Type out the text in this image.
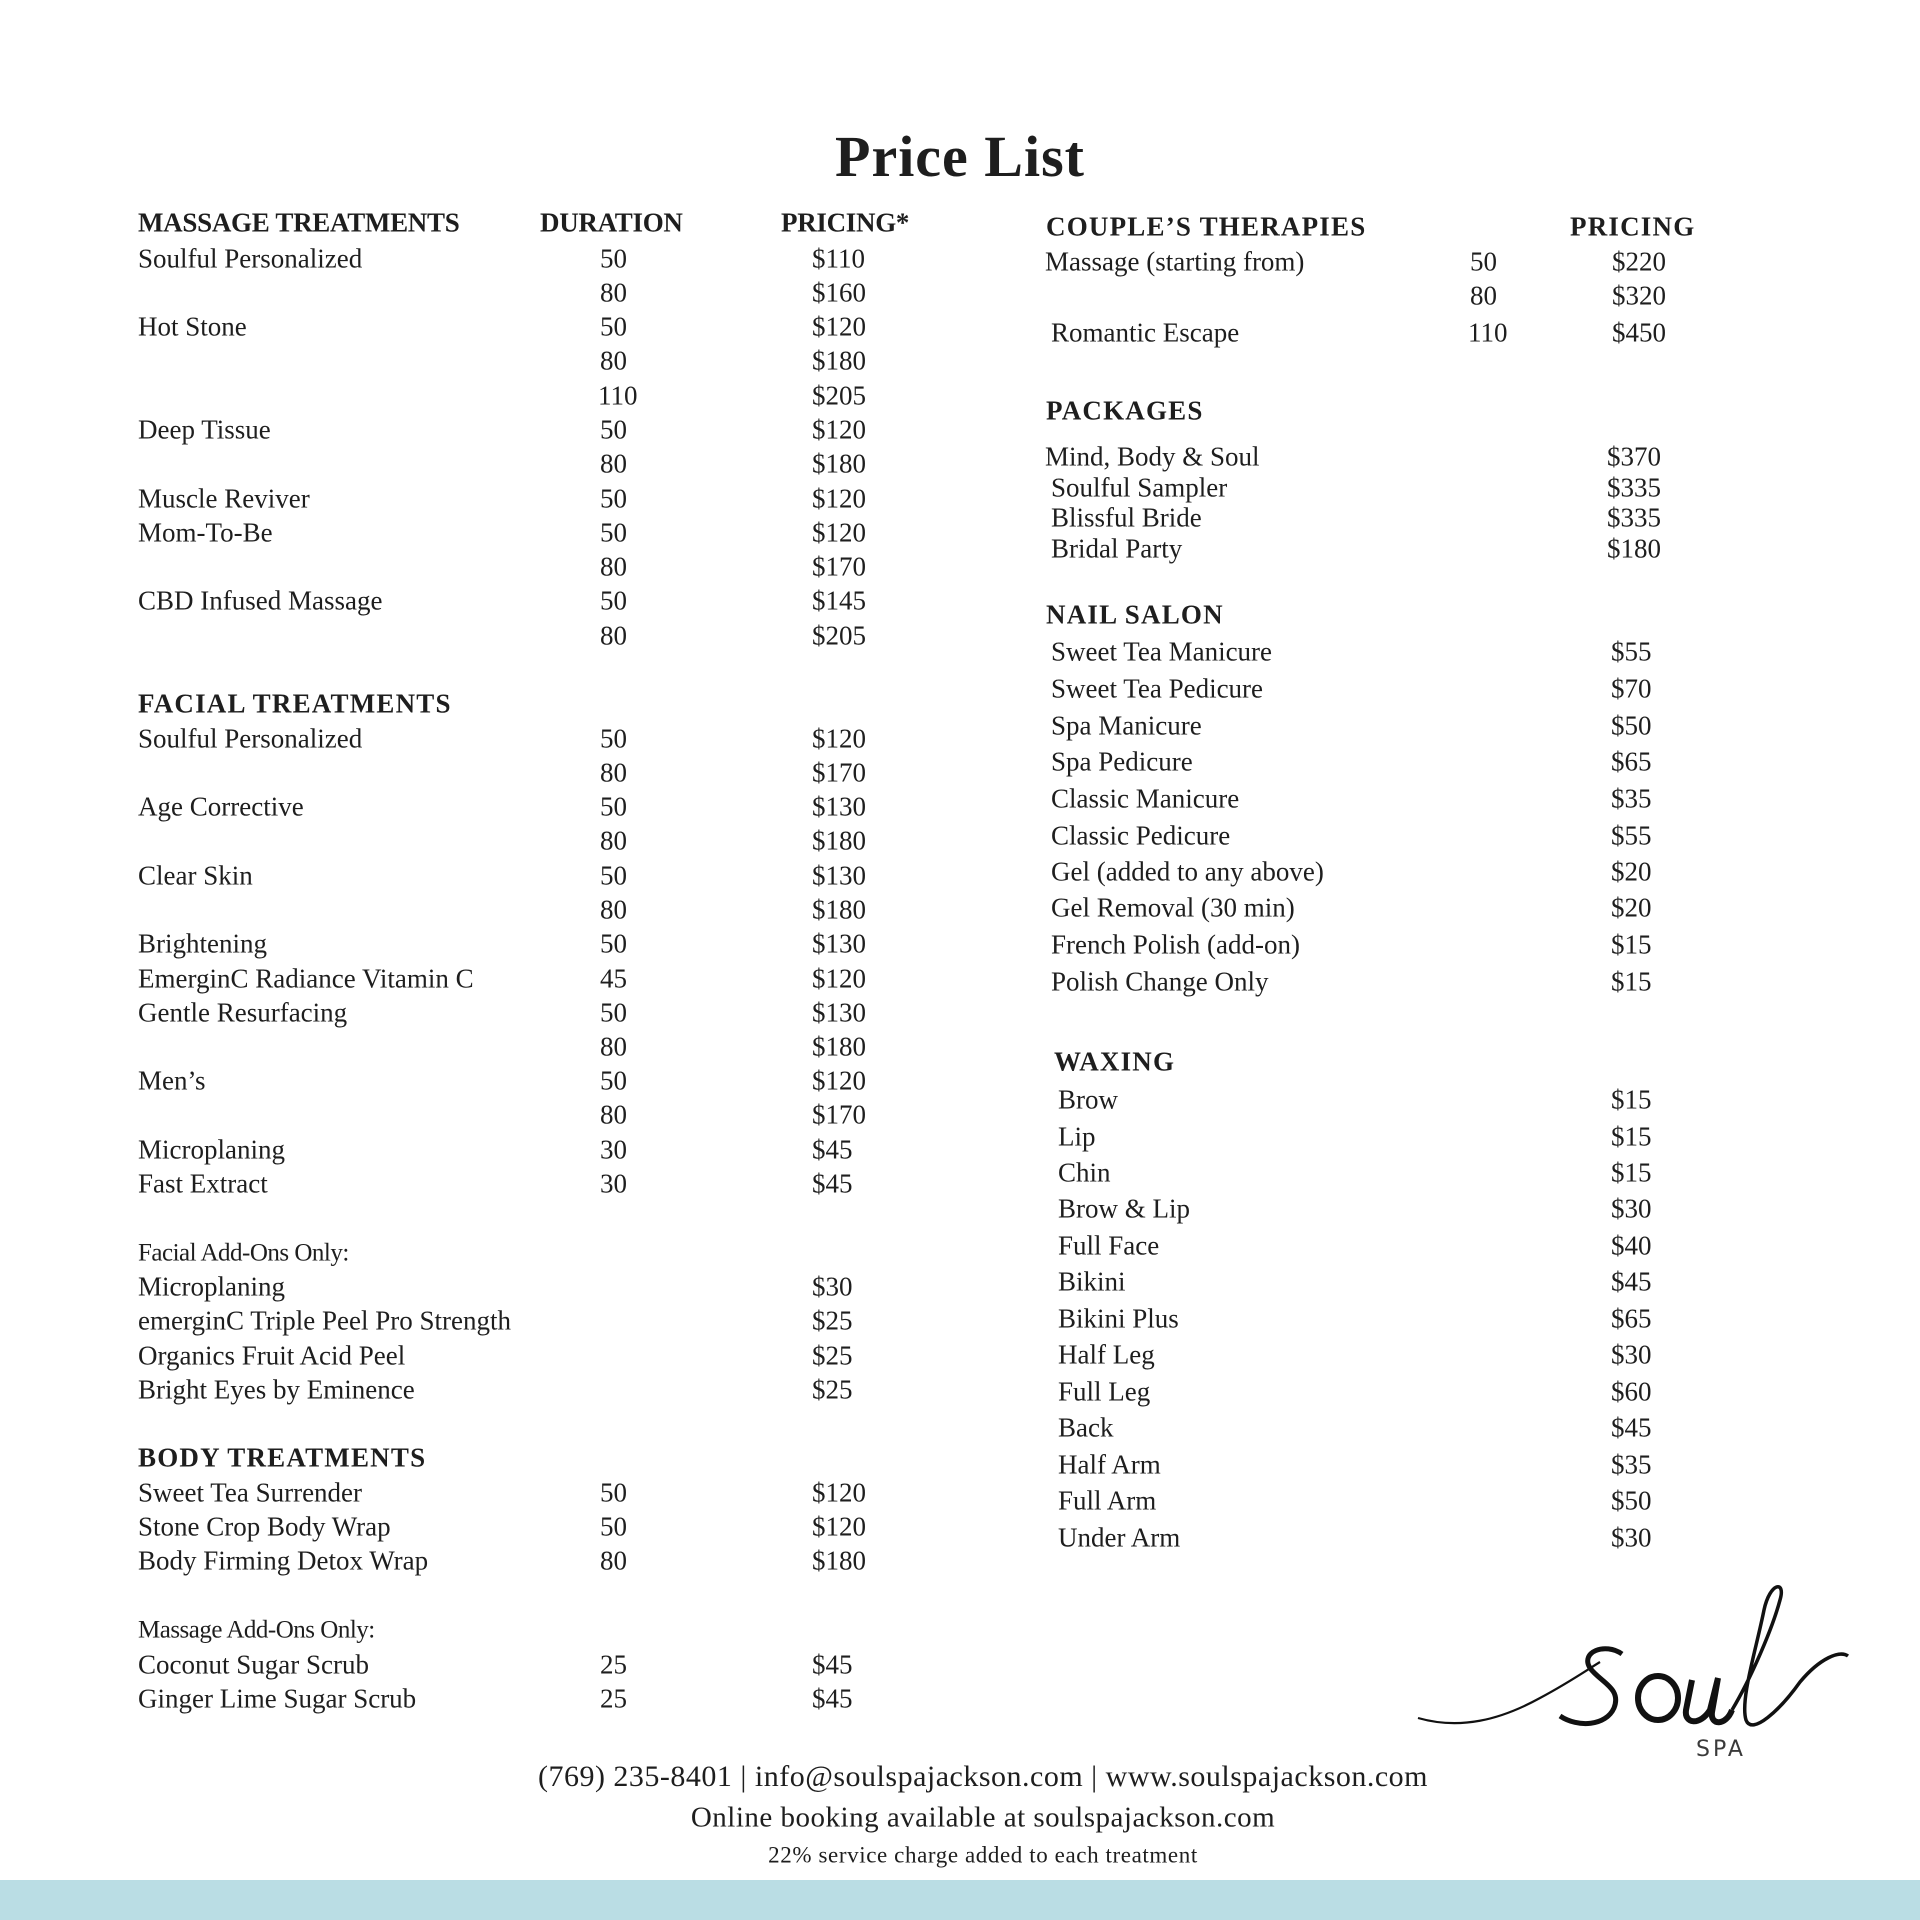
Price List
MASSAGE TREATMENTS	DURATION	PRICING*
Soulful Personalized	50	$110
80	$160
Hot Stone	50	$120
80	$180
110	$205
Deep Tissue	50	$120
80	$180
Muscle Reviver	50	$120
Mom-To-Be	50	$120
80	$170
CBD Infused Massage	50	$145
80	$205
FACIAL TREATMENTS
Soulful Personalized	50	$120
80	$170
Age Corrective	50	$130
80	$180
Clear Skin	50	$130
80	$180
Brightening	50	$130
EmerginC Radiance Vitamin C	45	$120
Gentle Resurfacing	50	$130
80	$180
Men’s	50	$120
80	$170
Microplaning	30	$45
Fast Extract	30	$45
Facial Add-Ons Only:
Microplaning	$30
emerginC Triple Peel Pro Strength	$25
Organics Fruit Acid Peel	$25
Bright Eyes by Eminence	$25
BODY TREATMENTS
Sweet Tea Surrender	50	$120
Stone Crop Body Wrap	50	$120
Body Firming Detox Wrap	80	$180
Massage Add-Ons Only:
Coconut Sugar Scrub	25	$45
Ginger Lime Sugar Scrub	25	$45
Massage (starting from)	50	$220
80	$320
Romantic Escape	110	$450
PACKAGES
Mind, Body & Soul	$370
Soulful Sampler	$335
Blissful Bride	$335
Bridal Party	$180
NAIL SALON
Sweet Tea Manicure	$55
Sweet Tea Pedicure	$70
Spa Manicure	$50
Spa Pedicure	$65
Classic Manicure	$35
Classic Pedicure	$55
Gel (added to any above)	$20
Gel Removal (30 min)	$20
French Polish (add-on)	$15
Polish Change Only	$15
WAXING
Brow	$15
Lip	$15
Chin	$15
Brow & Lip	$30
Full Face	$40
Bikini	$45
Bikini Plus	$65
Half Leg	$30
Full Leg	$60
Back	$45
Half Arm	$35
Full Arm	$50
Under Arm	$30
COUPLE’S THERAPIES	PRICING
SPA
(769) 235-8401 | info@soulspajackson.com | www.soulspajackson.com
Online booking available at soulspajackson.com
22% service charge added to each treatment
